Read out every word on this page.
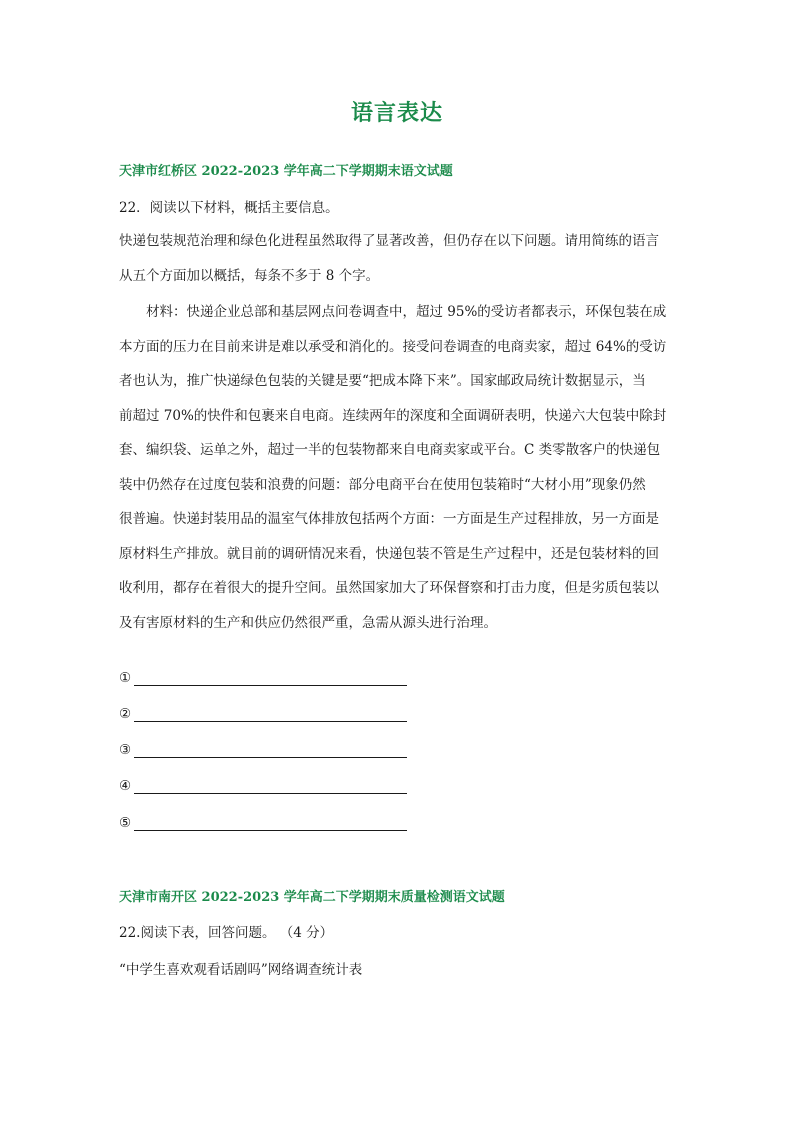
语言表达
天津市红桥区 2022-2023 学年高二下学期期末语文试题
22．阅读以下材料，概括主要信息。
快递包装规范治理和绿色化进程虽然取得了显著改善，但仍存在以下问题。请用简练的语言
从五个方面加以概括，每条不多于 8 个字。
材料：快递企业总部和基层网点问卷调查中，超过 95%的受访者都表示，环保包装在成
本方面的压力在目前来讲是难以承受和消化的。接受问卷调查的电商卖家，超过 64%的受访
者也认为，推广快递绿色包装的关键是要“把成本降下来”。国家邮政局统计数据显示，当
前超过 70%的快件和包裹来自电商。连续两年的深度和全面调研表明，快递六大包装中除封
套、编织袋、运单之外，超过一半的包装物都来自电商卖家或平台。C 类零散客户的快递包
装中仍然存在过度包装和浪费的问题：部分电商平台在使用包装箱时“大材小用”现象仍然
很普遍。快递封装用品的温室气体排放包括两个方面：一方面是生产过程排放，另一方面是
原材料生产排放。就目前的调研情况来看，快递包装不管是生产过程中，还是包装材料的回
收利用，都存在着很大的提升空间。虽然国家加大了环保督察和打击力度，但是劣质包装以
及有害原材料的生产和供应仍然很严重，急需从源头进行治理。
①
②
③
④
⑤
天津市南开区 2022-2023 学年高二下学期期末质量检测语文试题
22.阅读下表，回答问题。 （4 分）
“中学生喜欢观看话剧吗”网络调查统计表
